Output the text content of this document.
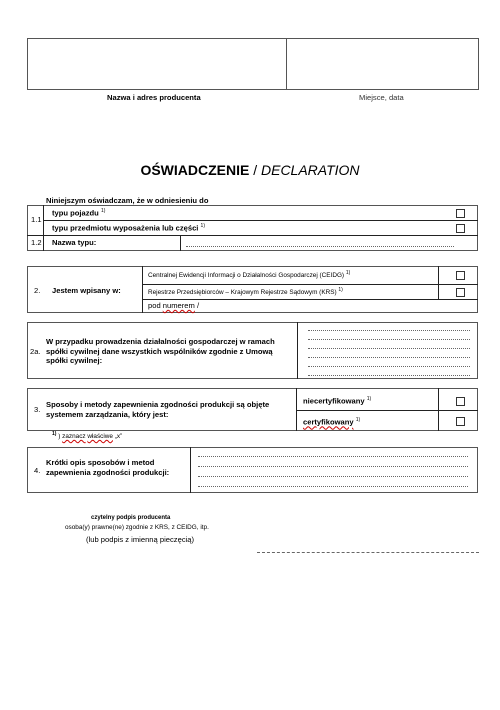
Nazwa i adres producenta	Miejsce, data
OŚWIADCZENIE / DECLARATION
Niniejszym oświadczam, że w odniesieniu do
1.1
typu pojazdu $^{1)}$
typu przedmiotu wyposażenia lub części $^{1)}$
1.2 Nazwa typu:
2. Jestem wpisany w:
Centralnej Ewidencji Informacji o Działalności Gospodarczej (CEIDG) $^{1)}$
Rejestrze Przedsiębiorców – Krajowym Rejestrze Sądowym (KRS) $^{1)}$
pod numerem /
2a.
W przypadku prowadzenia działalności gospodarczej w ramach spółki cywilnej dane wszystkich wspólników zgodnie z Umową spółki cywilnej:
3.
Sposoby i metody zapewnienia zgodności produkcji są objęte systemem zarządzania, który jest:
niecertyfikowany $^{1)}$
certyfikowany $^{1)}$
$^{1)}$ ) zaznacz właściwe „x”
4.
Krótki opis sposobów i metod zapewnienia zgodności produkcji:
czytelny podpis producenta
osoba(y) prawne(ne) zgodnie z KRS, z CEIDG, itp.
(lub podpis z imienną pieczęcią)
